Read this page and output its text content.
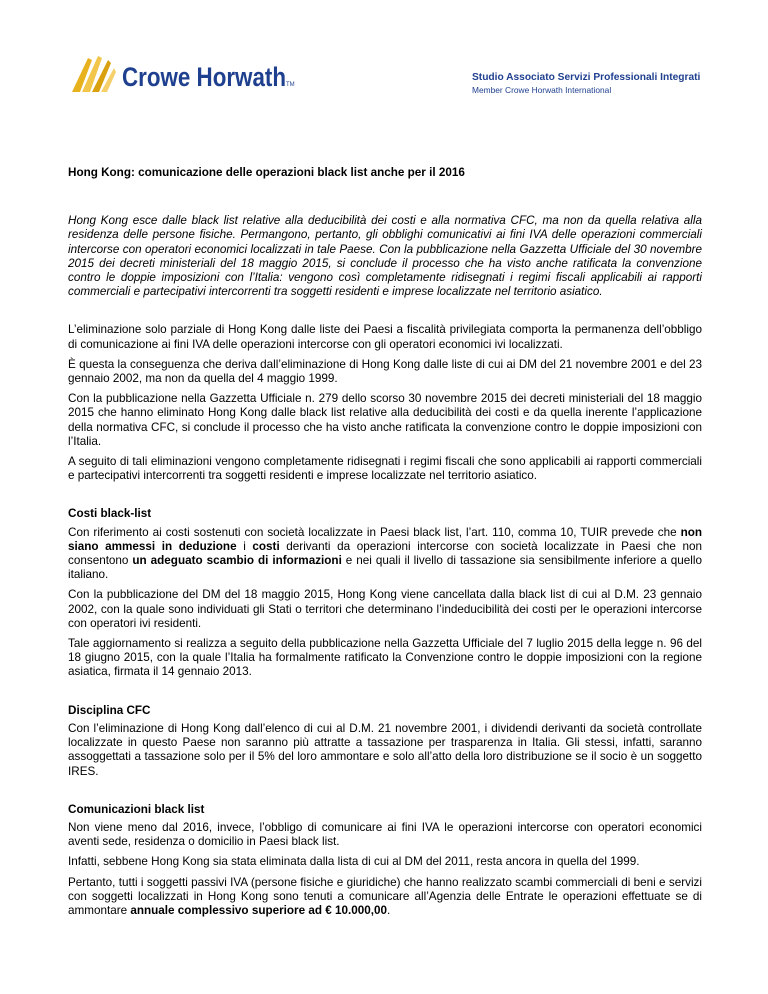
Crowe Horwath TM
Studio Associato Servizi Professionali Integrati
Member Crowe Horwath International

Hong Kong: comunicazione delle operazioni black list anche per il 2016

Hong Kong esce dalle black list relative alla deducibilità dei costi e alla normativa CFC, ma non da quella relativa alla residenza delle persone fisiche. Permangono, pertanto, gli obblighi comunicativi ai fini IVA delle operazioni commerciali intercorse con operatori economici localizzati in tale Paese. Con la pubblicazione nella Gazzetta Ufficiale del 30 novembre 2015 dei decreti ministeriali del 18 maggio 2015, si conclude il processo che ha visto anche ratificata la convenzione contro le doppie imposizioni con l’Italia: vengono così completamente ridisegnati i regimi fiscali applicabili ai rapporti commerciali e partecipativi intercorrenti tra soggetti residenti e imprese localizzate nel territorio asiatico.

L’eliminazione solo parziale di Hong Kong dalle liste dei Paesi a fiscalità privilegiata comporta la permanenza dell’obbligo di comunicazione ai fini IVA delle operazioni intercorse con gli operatori economici ivi localizzati.

È questa la conseguenza che deriva dall’eliminazione di Hong Kong dalle liste di cui ai DM del 21 novembre 2001 e del 23 gennaio 2002, ma non da quella del 4 maggio 1999.

Con la pubblicazione nella Gazzetta Ufficiale n. 279 dello scorso 30 novembre 2015 dei decreti ministeriali del 18 maggio 2015 che hanno eliminato Hong Kong dalle black list relative alla deducibilità dei costi e da quella inerente l’applicazione della normativa CFC, si conclude il processo che ha visto anche ratificata la convenzione contro le doppie imposizioni con l’Italia.

A seguito di tali eliminazioni vengono completamente ridisegnati i regimi fiscali che sono applicabili ai rapporti commerciali e partecipativi intercorrenti tra soggetti residenti e imprese localizzate nel territorio asiatico.

Costi black-list

Con riferimento ai costi sostenuti con società localizzate in Paesi black list, l’art. 110, comma 10, TUIR prevede che non siano ammessi in deduzione i costi derivanti da operazioni intercorse con società localizzate in Paesi che non consentono un adeguato scambio di informazioni e nei quali il livello di tassazione sia sensibilmente inferiore a quello italiano.

Con la pubblicazione del DM del 18 maggio 2015, Hong Kong viene cancellata dalla black list di cui al D.M. 23 gennaio 2002, con la quale sono individuati gli Stati o territori che determinano l’indeducibilità dei costi per le operazioni intercorse con operatori ivi residenti.

Tale aggiornamento si realizza a seguito della pubblicazione nella Gazzetta Ufficiale del 7 luglio 2015 della legge n. 96 del 18 giugno 2015, con la quale l’Italia ha formalmente ratificato la Convenzione contro le doppie imposizioni con la regione asiatica, firmata il 14 gennaio 2013.

Disciplina CFC

Con l’eliminazione di Hong Kong dall’elenco di cui al D.M. 21 novembre 2001, i dividendi derivanti da società controllate localizzate in questo Paese non saranno più attratte a tassazione per trasparenza in Italia. Gli stessi, infatti, saranno assoggettati a tassazione solo per il 5% del loro ammontare e solo all’atto della loro distribuzione se il socio è un soggetto IRES.

Comunicazioni black list

Non viene meno dal 2016, invece, l’obbligo di comunicare ai fini IVA le operazioni intercorse con operatori economici aventi sede, residenza o domicilio in Paesi black list.

Infatti, sebbene Hong Kong sia stata eliminata dalla lista di cui al DM del 2011, resta ancora in quella del 1999.

Pertanto, tutti i soggetti passivi IVA (persone fisiche e giuridiche) che hanno realizzato scambi commerciali di beni e servizi con soggetti localizzati in Hong Kong sono tenuti a comunicare all’Agenzia delle Entrate le operazioni effettuate se di ammontare annuale complessivo superiore ad € 10.000,00.
